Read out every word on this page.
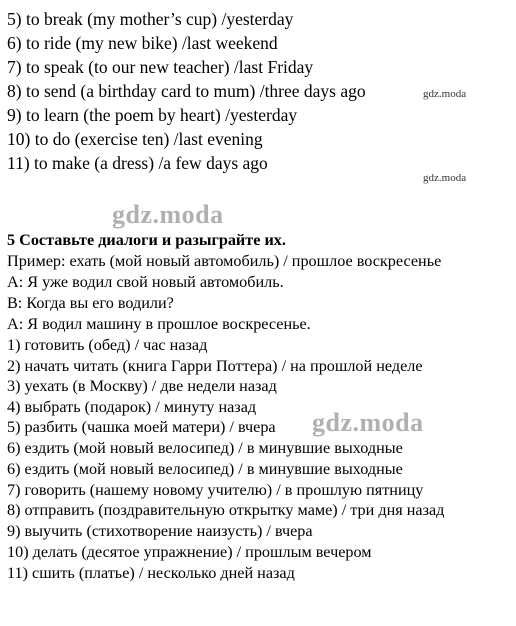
5) to break (my mother’s cup) /yesterday
6) to ride (my new bike) /last weekend
7) to speak (to our new teacher) /last Friday
8) to send (a birthday card to mum) /three days ago
9) to learn (the poem by heart) /yesterday
10) to do (exercise ten) /last evening
11) to make (a dress) /a few days ago
gdz.moda
gdz.moda
gdz.moda
gdz.moda
5 Составьте диалоги и разыграйте их.
Пример: ехать (мой новый автомобиль) / прошлое воскресенье
А: Я уже водил свой новый автомобиль.
В: Когда вы его водили?
А: Я водил машину в прошлое воскресенье.
1) готовить (обед) / час назад
2) начать читать (книга Гарри Поттера) / на прошлой неделе
3) уехать (в Москву) / две недели назад
4) выбрать (подарок) / минуту назад
5) разбить (чашка моей матери) / вчера
6) ездить (мой новый велосипед) / в минувшие выходные
6) ездить (мой новый велосипед) / в минувшие выходные
7) говорить (нашему новому учителю) / в прошлую пятницу
8) отправить (поздравительную открытку маме) / три дня назад
9) выучить (стихотворение наизусть) / вчера
10) делать (десятое упражнение) / прошлым вечером
11) сшить (платье) / несколько дней назад
